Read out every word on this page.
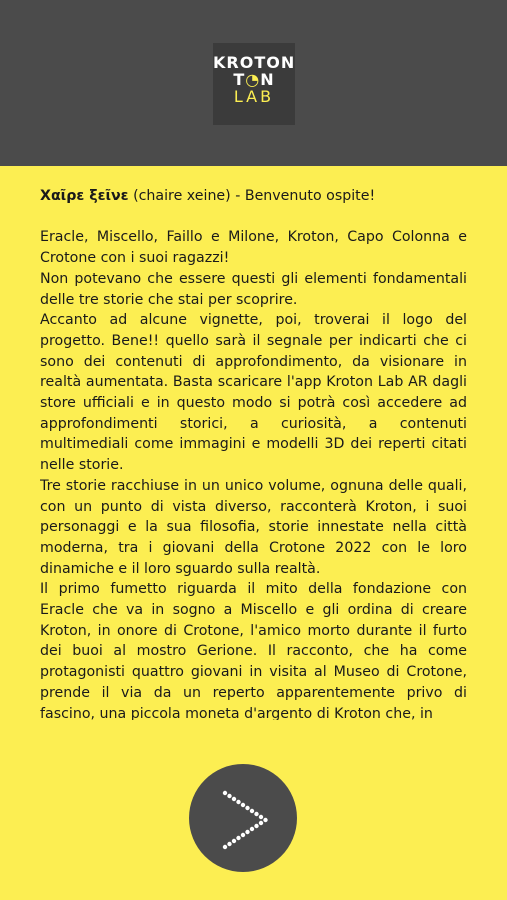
KROTON
T◔N
LAB

Χαῖρε ξεῖνε (chaire xeine) - Benvenuto ospite!

Eracle, Miscello, Faillo e Milone, Kroton, Capo Colonna e Crotone con i suoi ragazzi!

Non potevano che essere questi gli elementi fondamentali delle tre storie che stai per scoprire.

Accanto ad alcune vignette, poi, troverai il logo del progetto. Bene!! quello sarà il segnale per indicarti che ci sono dei contenuti di approfondimento, da visionare in realtà aumentata. Basta scaricare l'app Kroton Lab AR dagli store ufficiali e in questo modo si potrà così accedere ad approfondimenti storici, a curiosità, a contenuti multimediali come immagini e modelli 3D dei reperti citati nelle storie.

Tre storie racchiuse in un unico volume, ognuna delle quali, con un punto di vista diverso, racconterà Kroton, i suoi personaggi e la sua filosofia, storie innestate nella città moderna, tra i giovani della Crotone 2022 con le loro dinamiche e il loro sguardo sulla realtà.

Il primo fumetto riguarda il mito della fondazione con Eracle che va in sogno a Miscello e gli ordina di creare Kroton, in onore di Crotone, l'amico morto durante il furto dei buoi al mostro Gerione. Il racconto, che ha come protagonisti quattro giovani in visita al Museo di Crotone, prende il via da un reperto apparentemente privo di fascino, una piccola moneta d'argento di Kroton che, in
